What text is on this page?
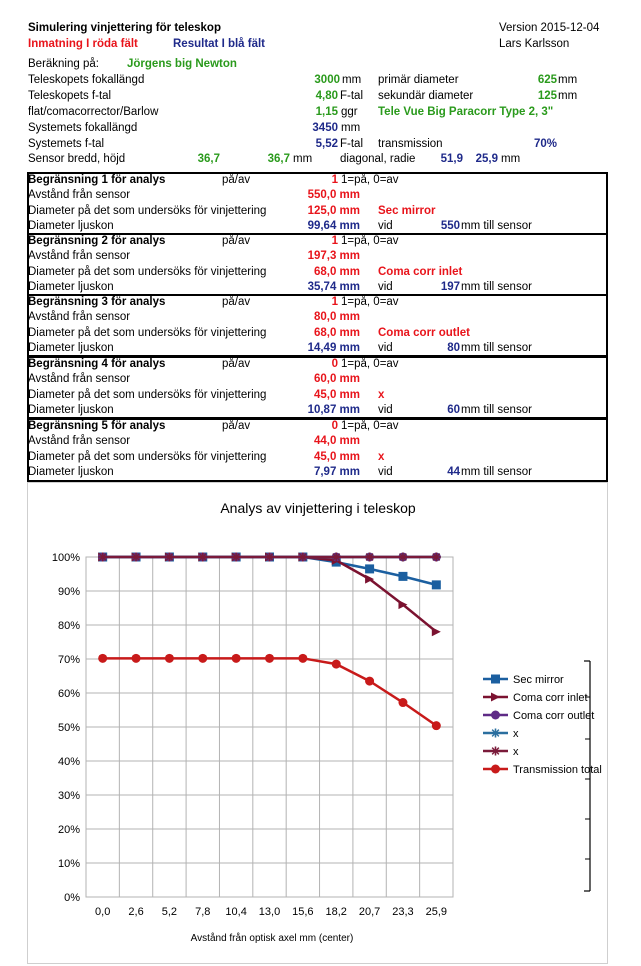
Simulering vinjettering för teleskop	Version 2015-12-04
Inmatning I röda fält	Resultat I blå fält	Lars Karlsson
Beräkning på: Jörgens big Newton
Teleskopets fokallängd	3000 mm primär diameter	625 mm
Teleskopets f-tal	4,80 F-tal sekundär diameter	125 mm
flat/comacorrector/Barlow	1,15 ggr Tele Vue Big Paracorr Type 2, 3"
Systemets fokallängd	3450 mm
Systemets f-tal	5,52 F-tal transmission	70%
Sensor bredd, höjd	36,7	36,7 mm diagonal, radie	51,9	25,9 mm
Analys av vinjettering i teleskop
0%
10%
20%
30%
40%
50%
60%
70%
80%
90%
100%
0,0 2,6 5,2 7,8 10,4 13,0 15,6 18,2 20,7 23,3 25,9
Avstånd från optisk axel mm (center)
Sec mirror
Coma corr inlet
Coma corr outlet
x
x
Transmission total
Begränsning 1 för analys	på/av	1 1=på, 0=av
Avstånd från sensor	550,0 mm
Diameter på det som undersöks för vinjettering	125,0 mm Sec mirror
Diameter ljuskon	99,64 mm vid	550 mm till sensor
Begränsning 2 för analys	på/av	1 1=på, 0=av
Avstånd från sensor	197,3 mm
Diameter på det som undersöks för vinjettering	68,0 mm Coma corr inlet
Diameter ljuskon	35,74 mm vid	197 mm till sensor
Begränsning 3 för analys	på/av	1 1=på, 0=av
Avstånd från sensor	80,0 mm
Diameter på det som undersöks för vinjettering	68,0 mm Coma corr outlet
Diameter ljuskon	14,49 mm vid	80 mm till sensor
Begränsning 4 för analys	på/av	0 1=på, 0=av
Avstånd från sensor	60,0 mm
Diameter på det som undersöks för vinjettering	45,0 mm x
Diameter ljuskon	10,87 mm vid	60 mm till sensor
Begränsning 5 för analys	på/av	0 1=på, 0=av
Avstånd från sensor	44,0 mm
Diameter på det som undersöks för vinjettering	45,0 mm x
Diameter ljuskon	7,97 mm vid	44 mm till sensor
